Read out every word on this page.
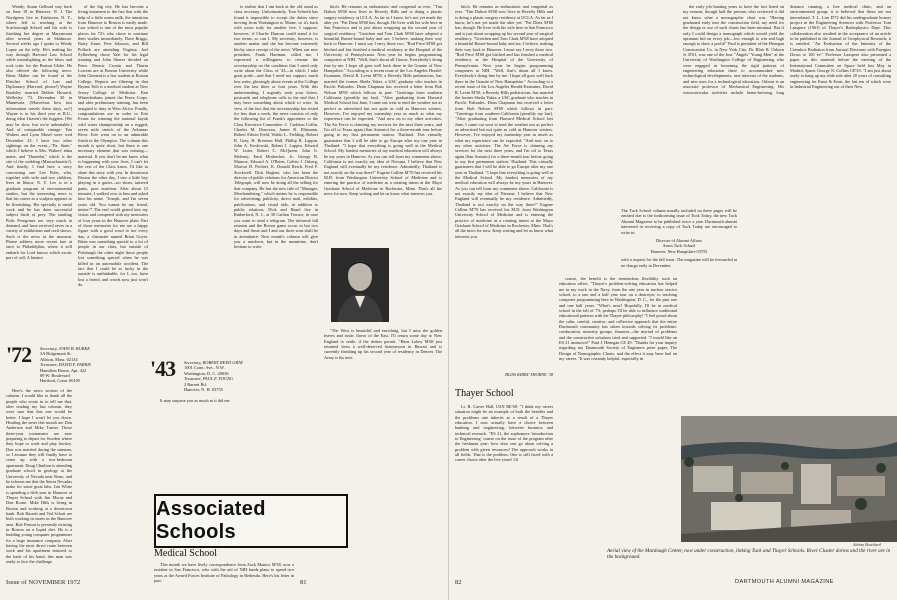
Wendy; Susan Gelburd way back on June 18 in Hanover, N. J. The Nordgrens live in Fairhaven, N. Y., where Jeff is teaching at the Scarborough School and his wife is finishing her degree at Marymount after several years at Skidmore. Several weeks ago I spoke to Windy Lopez on the telly. He's making his way through Harvard Law School while moonlighting as the blues and rock critic for the Boston Globe. He also offered the following news: Brian Maher can be found at the Fletcher School of Law and Diplomacy (Harvard, please!) Wayne Bardsley married Debbie Howard, Wellesley '72, December 30 in Minnesota. (Marvelous how fast information travels these days, no?) Wayne is in his third year at B.U., doing what I haven't the foggiest. (We may be slow, but we're unbeatable.) And of comparable vintage: Tim Walters and Lynn Masel were wed December 23. I have two other sightings on the event—"Pa. State," which I believe is Mrs. Walters' alma mater, and "Dunedin," which is the site of the wedding (Massachusetts?). And finally, I find here a story concerning one Lee Pulis, who, together with wife and two children, lives in Ithaca, N. Y. Lee is in a graduate program of environmental studies, but the interesting news is that his career as a sculptor appears to be flourishing. His specialty is metal work and he has done successful subject birds of prey. The startling Pulis Peregrines are very much in demand, and have received raves in a variety of exhibitions and craft shows. Such is the news at the moment. Please address more recent fare at once to Philadelphia, where it will embark for Lord knows which exotic port of call. A bientot.

'72 Secretary, JOHN B. BURKE
3A Ridgemont St.
Allston, Mass. 02134
Treasurer, DAVID F. FARRIS
Hamilton House, Apt. 422
89 W. Boulevard
Hartford, Conn. 06105

Here's the news section of the column. I would like to thank all the people who wrote in to tell me that, after reading my last column, they were sure that this one would be better. I hope I won't let you down. Heading the news this month are Don Anderson and Mike Turner. Those three-year roommates are now preparing to depart for Sweden where they hope to work and play hockey. Don was married during the summer, so I assume they will finally have to come up with a two-bedroom apartment. Doug Charlton is attending graduate school in geology at the University of Nevada near Reno, and he informs me that the Sierra Nevadas make for some great labs. Jim White is spending a fifth year in Hanover at Thayer School with Jim Mootz and Don Rouse. Mike Hills is living in Boston and working at a downtown bank. Bob Bassett and Ted Schott are both working in stores in the Hanover area. Bob Fenton is presently existing in Boston on a liquid diet. He is a budding young computer programmer for a large insurance company. After having the most direct route between work and his apartment tattooed to the back of his hand, this man was ready to face the challenge

of the big city. He has become a living testament to the fact that with the help of a little warm milk, the transition from Hanover to Boston is easily made. Law school is one of the most popular places for 72's who chose to continue their studies immediately. Dave Briggs, Barry Jones, Pete Johnson, and Bill Pollack are attending Virginia. Joel Zylberberg chose Yale for his legal training and John Shaver decided on Penn. Dennis Cronin and Thurm Lowens are at Boston University while John Clement is a law student at Boston College. Reports are filtering in that Bryant Toth is a medical student at New Jersey College of Medicine. Ken Winterbotham joined the Peace Corps, and after preliminary training, has been assigned to duty in West Africa. Finally, congratulations are in order to Erie Evans for winning the national kayak wild water championship on a rugged, seven mile stretch of the Arkansas River. Erie went on to an admirable finish in the Olympics. The column this month is quite short, but there is one necessary element that was missing—material. If you don't let me know what is happening with your lives, I can't let the rest of the Class know. I'd like to share this story with you. In downtown Boston the other day, I saw a little boy playing in a gutter—no shoes, tattered pants, poor nutrition. After about 15 minutes, I walked over to him and asked him his name. "Joseph, and I'm seven years old. You wanna be my friend, mister?" The real world grated into my vision and competed with my memories of four years in the Hanover plain. Part of those memories for me are a happy figure with a good word to me every day, a classmate named Brian Goyer. Brian was something special to a lot of people in our class, but outside of Pittsburgh the other night those people lost something special when he was killed in an automobile accident. The fact that I could be so lucky in the outside is unthinkable, for I, too, have lost a friend, and words now just won't do.

'43 Secretary, ROBERT REED GRAY
1001 Conn. Ave., N.W.
Washington, D. C. 20036
Treasurer, PAUL F. YOUNG
2 Barrett Rd.
Hanover, N. H. 03755

It may surprise you as much as it did me

to realize that I am back at the old stand as class secretary. Unfortunately, Tom Schroth has found it impossible to accept the duties since moving from Washington to Maine, so it's back with yours truly for another five. I suppose, however, if Charlie Duncan could stand it for two terms, so can I. My secretary, however, is another matter and she has become extremely bitchy since receipt of the news. When our new president, Frank Hartman, called me, I expressed a willingness to resume the secretaryship on the condition that I need only write about the Class of '43—in which I take great pride—and that I need not support, much less write, glowingly about events at the College over the last three or four years. With this understanding, I urgently seek your letters, postcards and telephone calls to the end that I may have something about which to write. In view of the fact that the secretaryship has rested for less than a week, the news consists of only the following list of Frank's appointees to the Class Executive Committee: C. Carleton Coffin, Charles M. Donovan, James B. Ellsmann, Robert Edwin Field, Waldo L. Fielding, Robert R. Gray, H. Brereton Hull, Phillip R. Lappin, John A. Koslowski, Robert I. Lappin, Edward W. Lister, Robert C. McQueen, John G. Meleney, Emil Mosbacher, Jr., George B. Munroe, Edward A. O'Brien, Calvin J. Osberg, Morton H. Pechter, K. Donald Reich, Fred F. Stockwell. Dick Bugbee, who has been the director of public relations for American District Telegraph, will now be doing all the selling for that company. He has the new title of "Manager, Merchandising," which means he is responsible for advertising, publicity, direct mail, exhibits, publications, and visual aids, in addition to public relations. Dick and Hazel live in Rutherford, N. J., at 38 Carlton Terrace, in case you want to send a telegram. The informal fall reunion and the Brown game occur in but two days and Susie and I and our three sons shall be in attendance. Next month's column will give you a rundown, but in the meantime, don't hesitate to write.

Associated Schools
Medical School

This month we have lively correspondence from Zack Manios M'58, now a resident in San Francisco, who with the aid of NIH funds plans to spend two years at the Armed Forces Institute of Pathology in Bethesda. Here's his letter in part:

hitch. He remains as enthusiastic and congenial as ever. "Tim Dalton M'68 now lives in Beverly Hills and is doing a plastic surgery residency at UCLA. As far as I know, he's not yet made the alter yet. "Pat Dietz M'68 has, though. He lives with his wife here in San Francisco and is just about wrapping up his second year of surgical residency. "Gretchen and Tom Clark M'68 have adopted a beautiful Basset-hound baby and are, I believe, making their way back to Hanover. I must say I envy those two. "Rod Price M'68 got hitched and has finished a medical residency at the Hospital of the University of Pennsylvania. Next year he begins programming computers at NIH. "Well, that's about all I know. Everybody's doing fine by me. I hope all goes well back there in the Granite of New Hampshire." According to a recent issue of the Los Angeles Herald-Examiner, David R. Levin M'59, a Beverly Hills pediatrician, has married the former Sheila Yaker, a USC graduate who teaches in Pacific Palisades. Dean Chapman has received a letter from Bob Nelson M'69 which follows in part: "Greetings from southern California (possibly my last). "After graduating from Harvard Medical School last June, I came out west to tend the weather not as perfect as advertised but not quite as cold as Hanover winters. However, I've enjoyed my internship year as much as what my experience can be expected. "And now on to my other activities: The Air Force is claiming my services for the next three years, and I'm off to Texas again (San Antonio) for a three-month tour before going to my first permanent station: Thailand. This virtually guarantees that I will be able to go Europe after my one year in Thailand. "I hope that everything is going well at the Medical School. My fondest memories of my medical education will always be my years in Hanover. As you can tell from my comments above, California is not exactly my idea of Nirvana. I believe that New England will eventually be my residence. Admittedly, Thailand is not exactly on the way there!" Eugene Collins M'70 has received his M.D. from Washington University School of Medicine and is entering the practice of medicine as a rotating intern at the Mayo Graduate School of Medicine in Rochester, Minn. That's all the news for now. Keep writing and let us know what interests you.

"The West is beautiful and enriching, but I miss the golden leaves and rustic flavor of the East. I'll return some day to New England to settle, if the deities permit. "Hans Lokey M'68 just returned from a well-deserved honeymoon in Hawaii and is currently finishing up his second year of residency in Denver. The Army is his next

Issue of NOVEMBER 1972	81

The Tuck School column usually included on these pages will be omitted due to the forthcoming issue of Tuck Today, the new Tuck Alumni Magazine to be published twice a year. Dartmouth alumni interested in receiving a copy of Tuck Today are encouraged to write to:

Director of Alumni Affairs
Amos Tuck School
Hanover, New Hampshire 03755

with a request for the fall issue. The magazine will be forwarded at no charge early in December.

hitch. He remains as enthusiastic and congenial as ever. "Tim Dalton M'68 now lives in Beverly Hills and is doing a plastic surgery residency at UCLA. As far as I know, he's not yet made the alter yet. "Pat Dietz M'68 has, though. He lives with his wife here in San Francisco and is just about wrapping up his second year of surgical residency. "Gretchen and Tom Clark M'68 have adopted a beautiful Basset-hound baby and are, I believe, making their way back to Hanover. I must say I envy those two. "Rod Price M'68 got hitched and has finished a medical residency at the Hospital of the University of Pennsylvania. Next year he begins programming computers at NIH. "Well, that's about all I know. Everybody's doing fine by me. I hope all goes well back there in the Granite of New Hampshire." According to a recent issue of the Los Angeles Herald-Examiner, David R. Levin M'59, a Beverly Hills pediatrician, has married the former Sheila Yaker, a USC graduate who teaches in Pacific Palisades. Dean Chapman has received a letter from Bob Nelson M'69 which follows in part: "Greetings from southern California (possibly my last). "After graduating from Harvard Medical School last June, I came out west to tend the weather not as perfect as advertised but not quite as cold as Hanover winters. However, I've enjoyed my internship year as much as what my experience can be expected. "And now on to my other activities: The Air Force is claiming my services for the next three years, and I'm off to Texas again (San Antonio) for a three-month tour before going to my first permanent station: Thailand. This virtually guarantees that I will be able to go Europe after my one year in Thailand. "I hope that everything is going well at the Medical School. My fondest memories of my medical education will always be my years in Hanover. As you can tell from my comments above, California is not exactly my idea of Nirvana. I believe that New England will eventually be my residence. Admittedly, Thailand is not exactly on the way there!" Eugene Collins M'70 has received his M.D. from Washington University School of Medicine and is entering the practice of medicine as a rotating intern at the Mayo Graduate School of Medicine in Rochester, Minn. That's all the news for now. Keep writing and let us know what interests you.

BLISS KIRBY THORNE '38
Thayer School

Lt. R. Carter Hall, USN BE'68: "I think my career situation might be an example of both the benefits and the problems one inherits as a result of a Thayer education. I now actually have a choice between banking and engineering, between business and technical research. "ES 21, the sophomore 'introduction to Engineering' course on the issue of the program after the freshman year: how does one go about solving a problem with given resources? The approach works in all fields. That is the problem. One is still faced with a career choice after the five years! Of

course, the benefit is the tremendous flexibility such an education offers. "Thayer's problem-solving education has helped me in my work in the Navy, from the one year in nuclear reactor school, to a one and a half year tour on a destroyer, to teaching computer programming here in Washington, D. C., for the past one and one half years. "What's next? Hopefully, I'll be in medical school in the fall of '73; perhaps I'll be able to influence traditional educational patterns with the Thayer philosophy! "I feel proud about the calm, careful, creative, and collective approach that the entire Dartmouth community has taken towards solving its problems: coeducation, minority groups, finances—the myriad of problems and the constructive solutions tried and supported. "I would like an ES 21 instructor!" Paul J. Henegan CE 49: "Thanks for your inquiry regarding my Dartmouth Society of Engineers prize paper, The Design of Nomographic Charts, and the effect it may have had on my career. "It was certainly helpful, especially in

the early job hunting years to have the fact listed on my resume, though half the persons who reviewed it did not know what a nomographic chart was. "Having graduated early into the construction field, my need for the design or use of such charts has been minimal. But if only I could design a nomograph which would yield the optimum bid on every job—low enough to win and high enough to show a profit!" Paul is president of the Henegan Construction Co. in New York City. Dr. Blair R. Osborn Jr. D'61, was one of the four "Angels" Young Men" at the University of Washington College of Engineering who were engaged in loosening the rigid patterns of engineering education there to accommodate new technological developments, new interests of the students, and new uses for a technological education. Osborn is an associate professor of Mechanical Engineering. His extracurricular activities include home-brewing, long distance running, a free medical clinic, and an environmental group; it is believed that these are not interrelated. T. L. Lim D'72 did his undergraduate honors project in the Engineering Sciences with Professor Tom Laaspere (1961) of Thayer's Radiophysics Dept. This collaboration also resulted in the acceptance of an article to be published in the Journal of Geophysical Research; it is entitled, "An Evaluation of the Intensity of the Cerenkov Radiation from Auroral Electrons with Energies Down to 100 ev." Professor Laaspere also presented a paper on this material before the meeting of the International Committee on Space held last May in Madrid, Spain. George N. Collins CE'35: "I am just about ready to hang up my slide rule after 20 years of consulting engineering for Ernst & Ernst, the last ten of which were in Industrial Engineering out of their New

Aerial view of the Murdough Center, now under construction, linking Tuck and Thayer Schools. River Cluster dorms and the river are in the background.
Adrian Bouchard
82	DARTMOUTH ALUMNI MAGAZINE
